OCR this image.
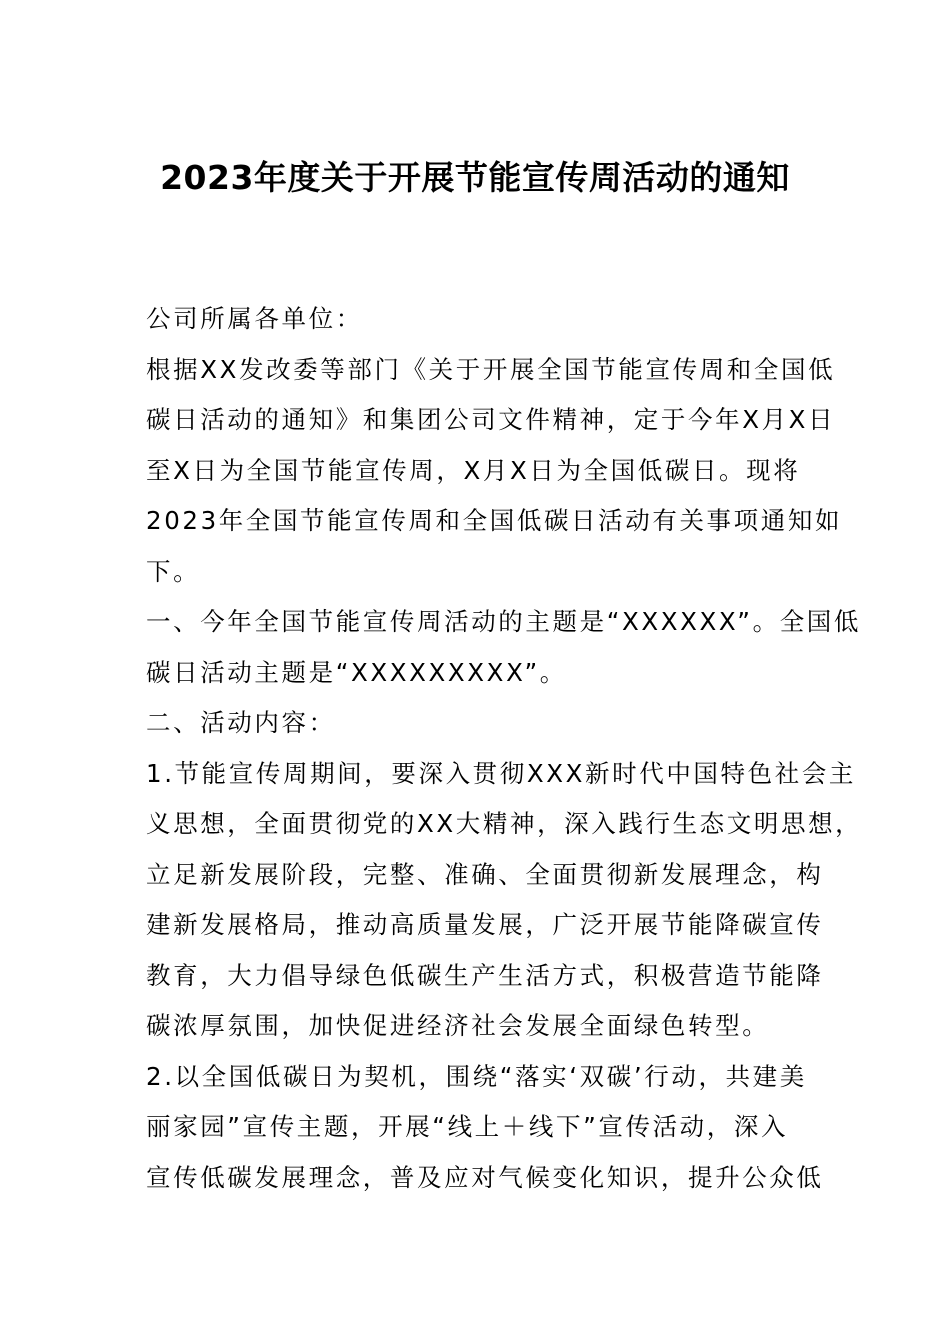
2023年度关于开展节能宣传周活动的通知
公司所属各单位：
根据XX发改委等部门《关于开展全国节能宣传周和全国低
碳日活动的通知》和集团公司文件精神，定于今年X月X日
至X日为全国节能宣传周，X月X日为全国低碳日。现将
2023年全国节能宣传周和全国低碳日活动有关事项通知如
下。
一、今年全国节能宣传周活动的主题是“XXXXXX”。全国低
碳日活动主题是“XXXXXXXXX”。
二、活动内容：
1.节能宣传周期间，要深入贯彻XXX新时代中国特色社会主
义思想，全面贯彻党的XX大精神，深入践行生态文明思想，
立足新发展阶段，完整、准确、全面贯彻新发展理念，构
建新发展格局，推动高质量发展，广泛开展节能降碳宣传
教育，大力倡导绿色低碳生产生活方式，积极营造节能降
碳浓厚氛围，加快促进经济社会发展全面绿色转型。
2.以全国低碳日为契机，围绕“落实‘双碳’行动，共建美
丽家园”宣传主题，开展“线上＋线下”宣传活动，深入
宣传低碳发展理念，普及应对气候变化知识，提升公众低
